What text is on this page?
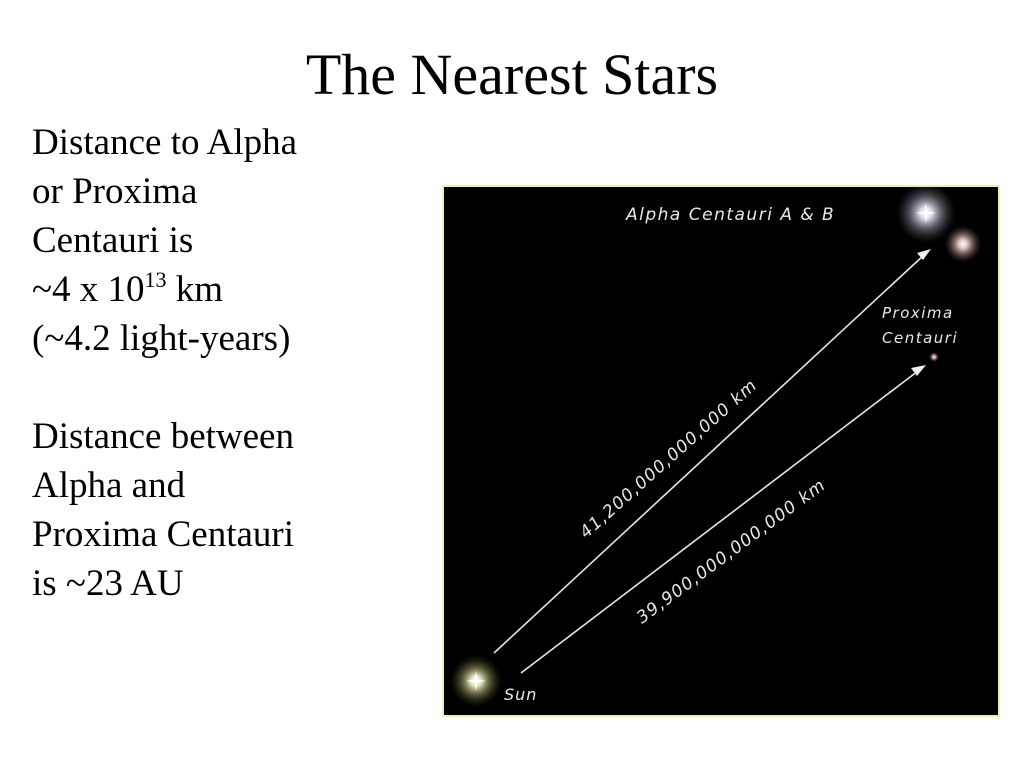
The Nearest Stars
Distance to Alpha
or Proxima
Centauri is
~4 x $10^{13}$ km
(~4.2 light-years)
Distance between
Alpha and
Proxima Centauri
is ~23 AU
Alpha Centauri A & B
Proxima
Centauri
Sun
41,200,000,000,000 km
39,900,000,000,000 km
